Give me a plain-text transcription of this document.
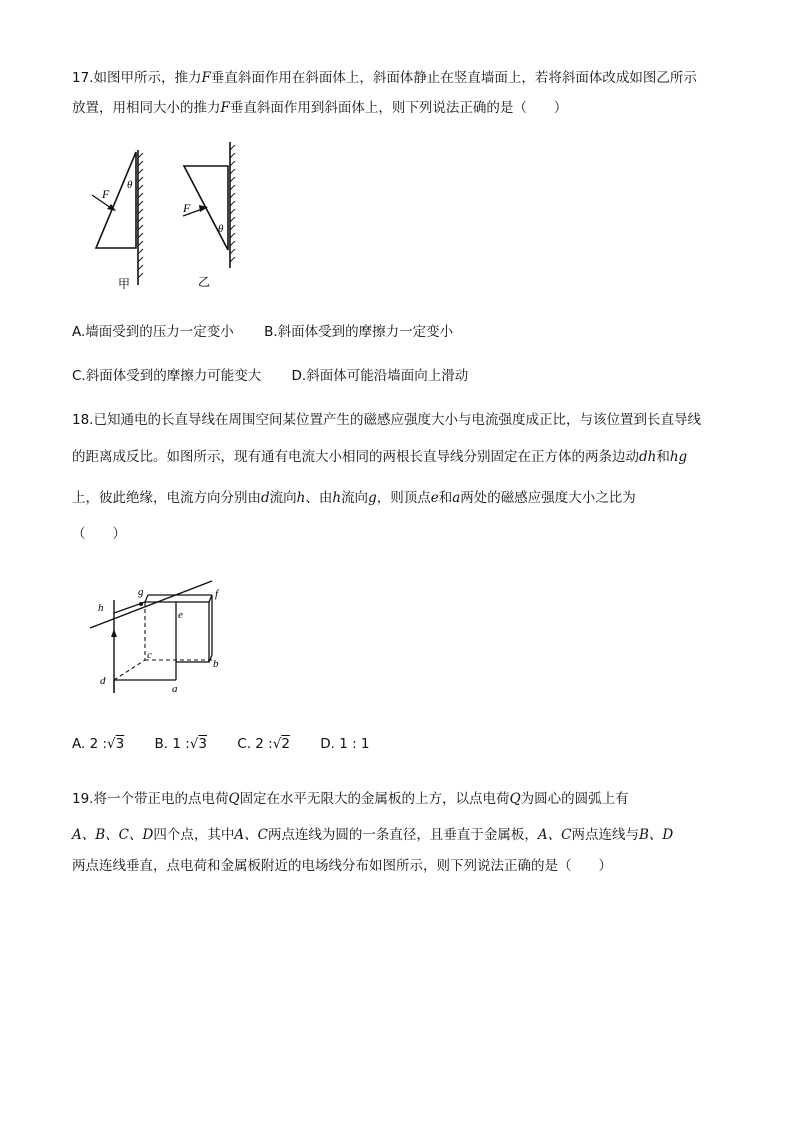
17.如图甲所示，推力F垂直斜面作用在斜面体上，斜面体静止在竖直墙面上，若将斜面体改成如图乙所示
放置，用相同大小的推力F垂直斜面作用到斜面体上，则下列说法正确的是（　　）
F
θ
甲
F
θ
乙
A.墙面受到的压力一定变小 B.斜面体受到的摩擦力一定变小
C.斜面体受到的摩擦力可能变大 D.斜面体可能沿墙面向上滑动
18.已知通电的长直导线在周围空间某位置产生的磁感应强度大小与电流强度成正比，与该位置到长直导线
的距离成反比。如图所示，现有通有电流大小相同的两根长直导线分别固定在正方体的两条边动dh和hg
上，彼此绝缘，电流方向分别由d流向h、由h流向g，则顶点e和a两处的磁感应强度大小之比为
（　　）
h
g	f
e
c
b
d
a
A. 2 :√3 B. 1 :√3 C. 2 :√2 D. 1 : 1
19.将一个带正电的点电荷Q固定在水平无限大的金属板的上方，以点电荷Q为圆心的圆弧上有
A、B、C、D四个点，其中A、C两点连线为圆的一条直径，且垂直于金属板，A、C两点连线与B、D
两点连线垂直，点电荷和金属板附近的电场线分布如图所示，则下列说法正确的是（　　）
